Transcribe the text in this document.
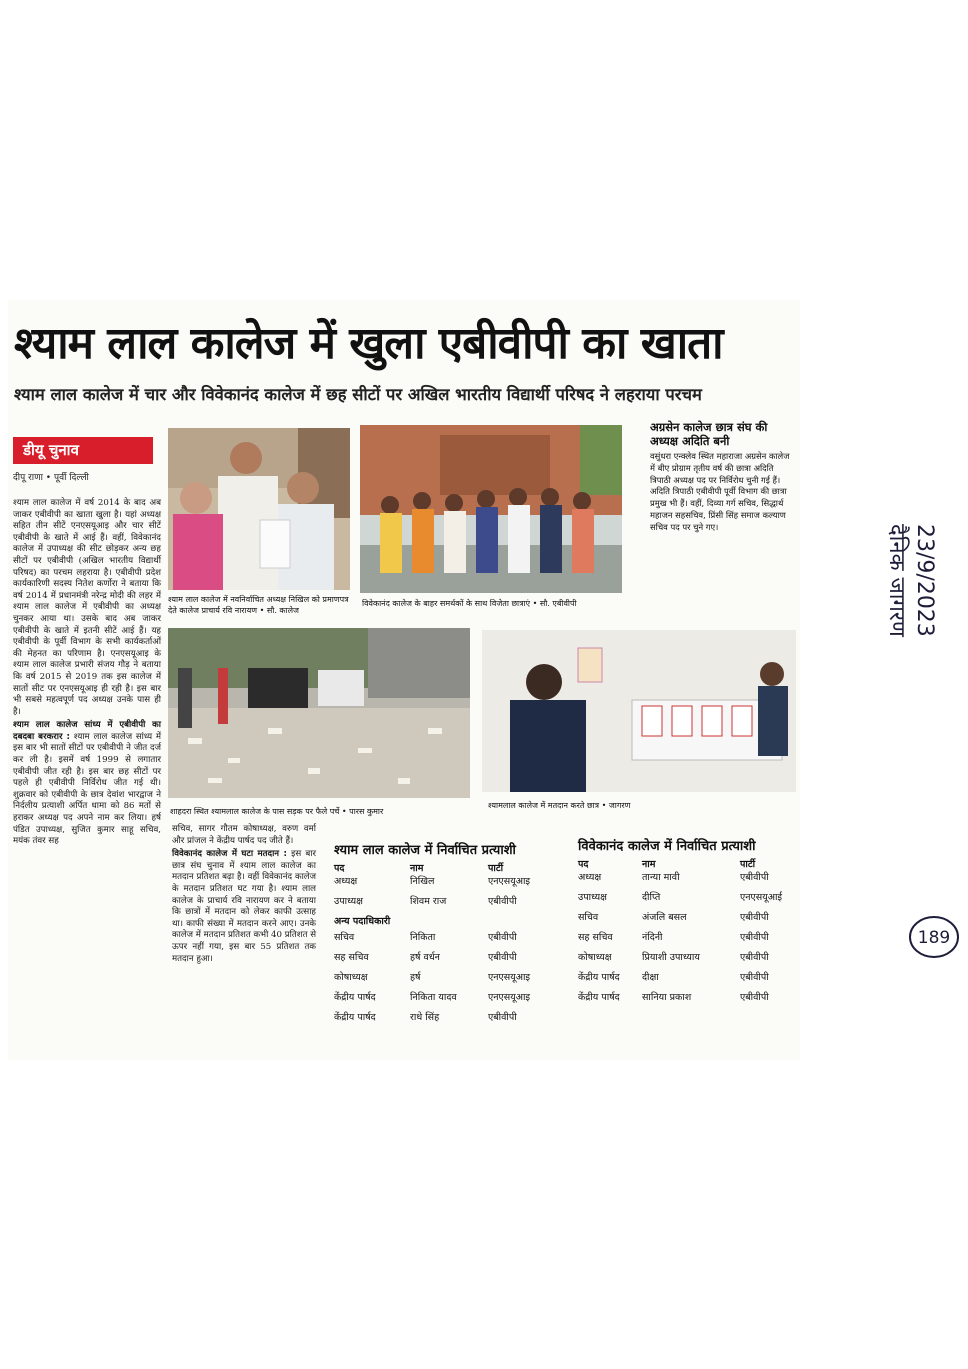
श्याम लाल कालेज में खुला एबीवीपी का खाता
श्याम लाल कालेज में चार और विवेकानंद कालेज में छह सीटों पर अखिल भारतीय विद्यार्थी परिषद ने लहराया परचम
डीयू चुनाव
दीपू राणा • पूर्वी दिल्ली

श्याम लाल कालेज में वर्ष 2014 के बाद अब जाकर एबीवीपी का खाता खुला है। यहां अध्यक्ष सहित तीन सीटें एनएसयूआइ और चार सीटें एबीवीपी के खाते में आई हैं। वहीं, विवेकानंद कालेज में उपाध्यक्ष की सीट छोड़कर अन्य छह सीटों पर एबीवीपी (अखिल भारतीय विद्यार्थी परिषद) का परचम लहराया है। एबीवीपी प्रदेश कार्यकारिणी सदस्य नितेश कर्णोरा ने बताया कि वर्ष 2014 में प्रधानमंत्री नरेन्द्र मोदी की लहर में श्याम लाल कालेज में एबीवीपी का अध्यक्ष चुनकर आया था। उसके बाद अब जाकर एबीवीपी के खाते में इतनी सीटें आई हैं। यह एबीवीपी के पूर्वी विभाग के सभी कार्यकर्ताओं की मेहनत का परिणाम है। एनएसयूआइ के श्याम लाल कालेज प्रभारी संजय गौड़ ने बताया कि वर्ष 2015 से 2019 तक इस कालेज में सातों सीट पर एनएसयूआइ ही रही है। इस बार भी सबसे महत्वपूर्ण पद अध्यक्ष उनके पास ही है।

श्याम लाल कालेज सांध्य में एबीवीपी का दबदबा बरकरार : श्याम लाल कालेज सांध्य में इस बार भी सातों सीटों पर एबीवीपी ने जीत दर्ज कर ली है। इसमें वर्ष 1999 से लगातार एबीवीपी जीत रही है। इस बार छह सीटों पर पहले ही एबीवीपी निर्विरोध जीत गई थी। शुक्रवार को एबीवीपी के छात्र देवांश भारद्वाज ने निर्दलीय प्रत्याशी अर्पित धामा को 86 मतों से हराकर अध्यक्ष पद अपने नाम कर लिया। हर्ष पंडित उपाध्यक्ष, सुजित कुमार साहू सचिव, मयंक तंवर सह

श्याम लाल कालेज में नवनिर्वाचित अध्यक्ष निखिल को प्रमाणपत्र देते कालेज प्राचार्य रवि नारायण • सौ. कालेज
विवेकानंद कालेज के बाहर समर्थकों के साथ विजेता छात्राएं • सौ. एबीवीपी
अग्रसेन कालेज छात्र संघ की अध्यक्ष अदिति बनी
वसुंधरा एन्क्लेव स्थित महाराजा अग्रसेन कालेज में बीए प्रोग्राम तृतीय वर्ष की छात्रा अदिति त्रिपाठी अध्यक्ष पद पर निर्विरोध चुनी गई हैं। अदिति त्रिपाठी एबीवीपी पूर्वी विभाग की छात्रा प्रमुख भी हैं। वहीं, दिव्या गर्ग सचिव, सिद्धार्थ महाजन सहसचिव, प्रिंसी सिंह समाज कल्याण सचिव पद पर चुने गए।
शाहदरा स्थित श्यामलाल कालेज के पास सड़क पर फैले पर्चे • पारस कुमार
श्यामलाल कालेज में मतदान करते छात्र • जागरण

सचिव, सागर गौतम कोषाध्यक्ष, वरुण वर्मा और प्रांजल ने केंद्रीय पार्षद पद जीते हैं।

विवेकानंद कालेज में घटा मतदान : इस बार छात्र संघ चुनाव में श्याम लाल कालेज का मतदान प्रतिशत बढ़ा है। वहीं विवेकानंद कालेज के मतदान प्रतिशत घट गया है। श्याम लाल कालेज के प्राचार्य रवि नारायण कर ने बताया कि छात्रों में मतदान को लेकर काफी उत्साह था। काफी संख्या में मतदान करने आए। उनके कालेज में मतदान प्रतिशत कभी 40 प्रतिशत से ऊपर नहीं गया, इस बार 55 प्रतिशत तक मतदान हुआ।

श्याम लाल कालेज में निर्वाचित प्रत्याशी
पद	नाम	पार्टी
अध्यक्ष	निखिल	एनएसयूआइ
उपाध्यक्ष	शिवम राज	एबीवीपी
अन्य पदाधिकारी		
सचिव	निकिता	एबीवीपी
सह सचिव	हर्ष वर्धन	एबीवीपी
कोषाध्यक्ष	हर्ष	एनएसयूआइ
केंद्रीय पार्षद	निकिता यादव	एनएसयूआइ
केंद्रीय पार्षद	राधे सिंह	एबीवीपी
विवेकानंद कालेज में निर्वाचित प्रत्याशी
पद	नाम	पार्टी
अध्यक्ष	तान्या मावी	एबीवीपी
उपाध्यक्ष	दीप्ति	एनएसयूआई
सचिव	अंजलि बसल	एबीवीपी
सह सचिव	नंदिनी	एबीवीपी
कोषाध्यक्ष	प्रियाशी उपाध्याय	एबीवीपी
केंद्रीय पार्षद	दीक्षा	एबीवीपी
केंद्रीय पार्षद	सानिया प्रकाश	एबीवीपी
दैनिक जागरण 23/9/2023
189
